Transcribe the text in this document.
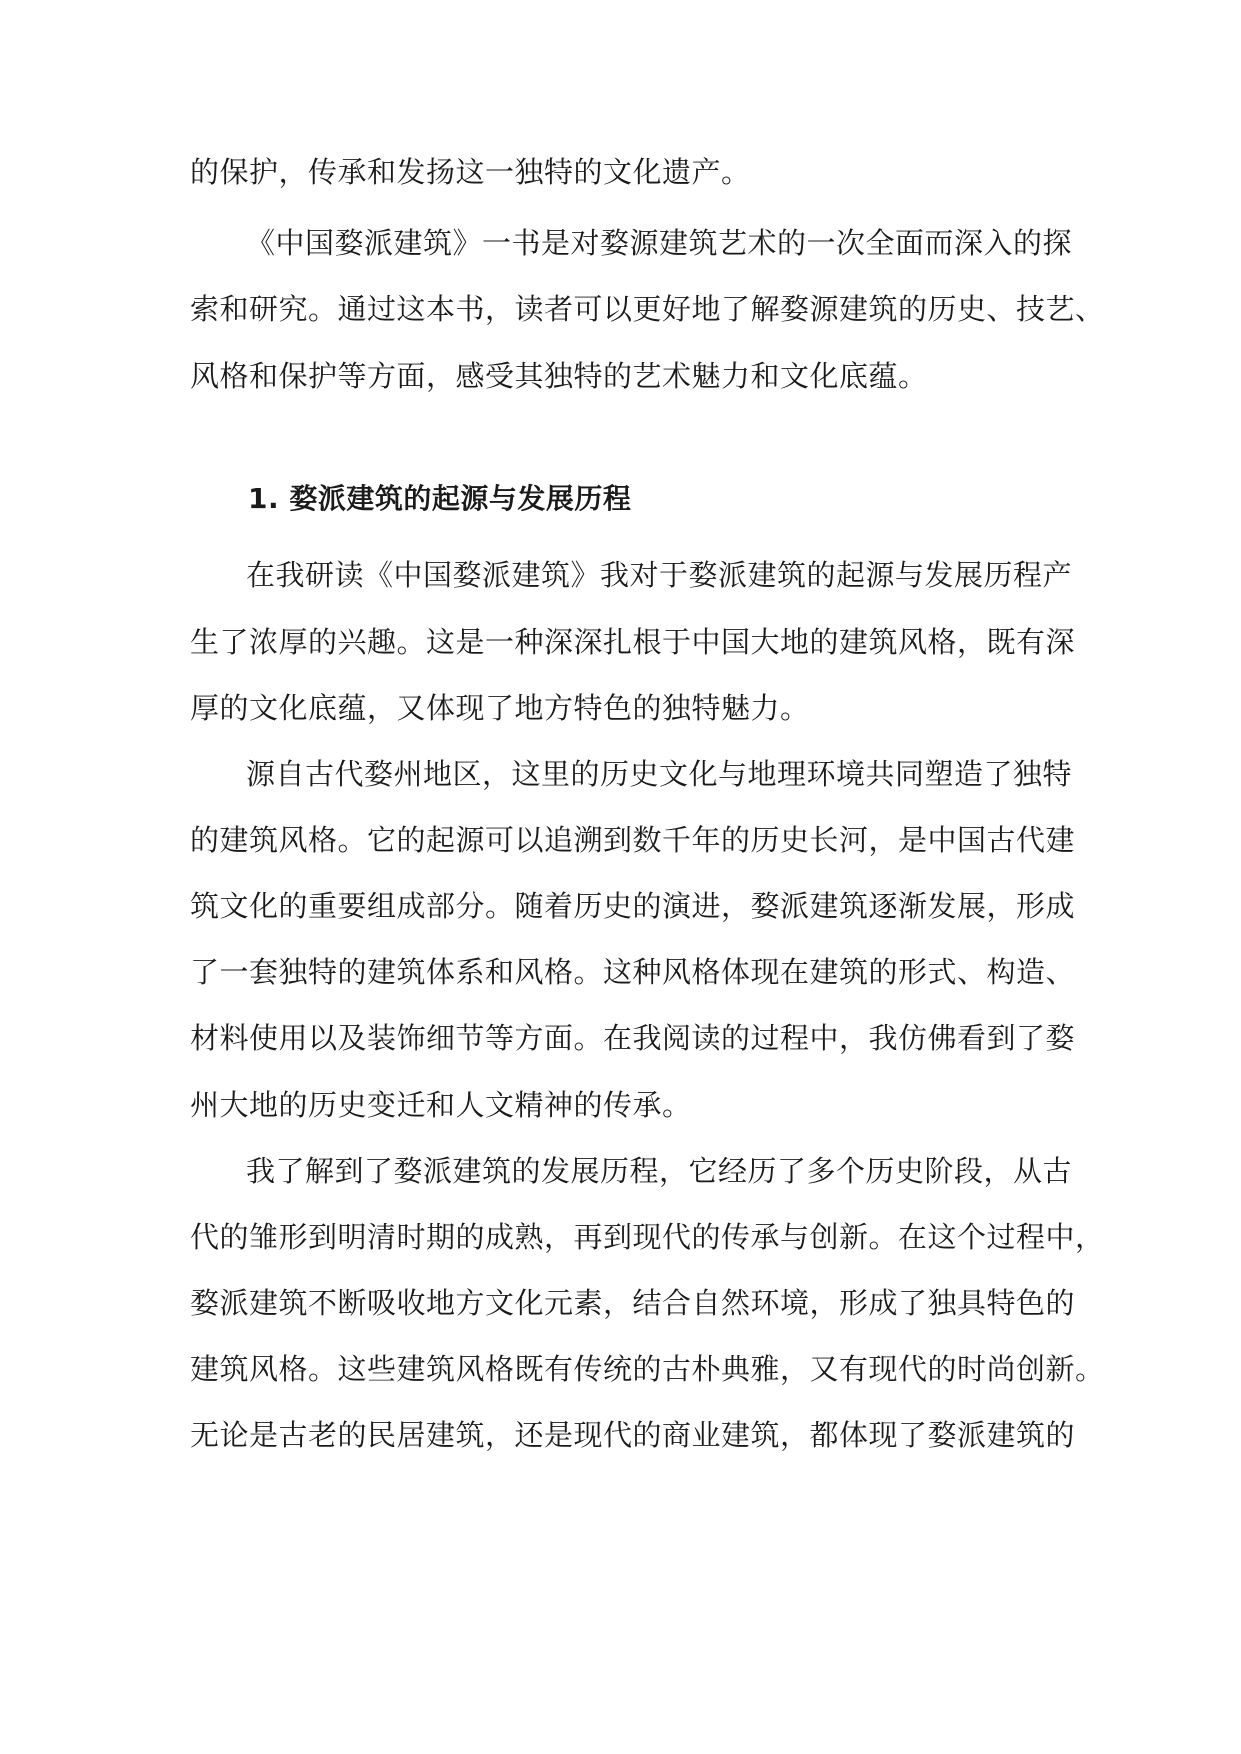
的保护，传承和发扬这一独特的文化遗产。
《中国婺派建筑》一书是对婺源建筑艺术的一次全面而深入的探
索和研究。通过这本书，读者可以更好地了解婺源建筑的历史、技艺、
风格和保护等方面，感受其独特的艺术魅力和文化底蕴。
1. 婺派建筑的起源与发展历程
在我研读《中国婺派建筑》我对于婺派建筑的起源与发展历程产
生了浓厚的兴趣。这是一种深深扎根于中国大地的建筑风格，既有深
厚的文化底蕴，又体现了地方特色的独特魅力。
源自古代婺州地区，这里的历史文化与地理环境共同塑造了独特
的建筑风格。它的起源可以追溯到数千年的历史长河，是中国古代建
筑文化的重要组成部分。随着历史的演进，婺派建筑逐渐发展，形成
了一套独特的建筑体系和风格。这种风格体现在建筑的形式、构造、
材料使用以及装饰细节等方面。在我阅读的过程中，我仿佛看到了婺
州大地的历史变迁和人文精神的传承。
我了解到了婺派建筑的发展历程，它经历了多个历史阶段，从古
代的雏形到明清时期的成熟，再到现代的传承与创新。在这个过程中，
婺派建筑不断吸收地方文化元素，结合自然环境，形成了独具特色的
建筑风格。这些建筑风格既有传统的古朴典雅，又有现代的时尚创新。
无论是古老的民居建筑，还是现代的商业建筑，都体现了婺派建筑的
